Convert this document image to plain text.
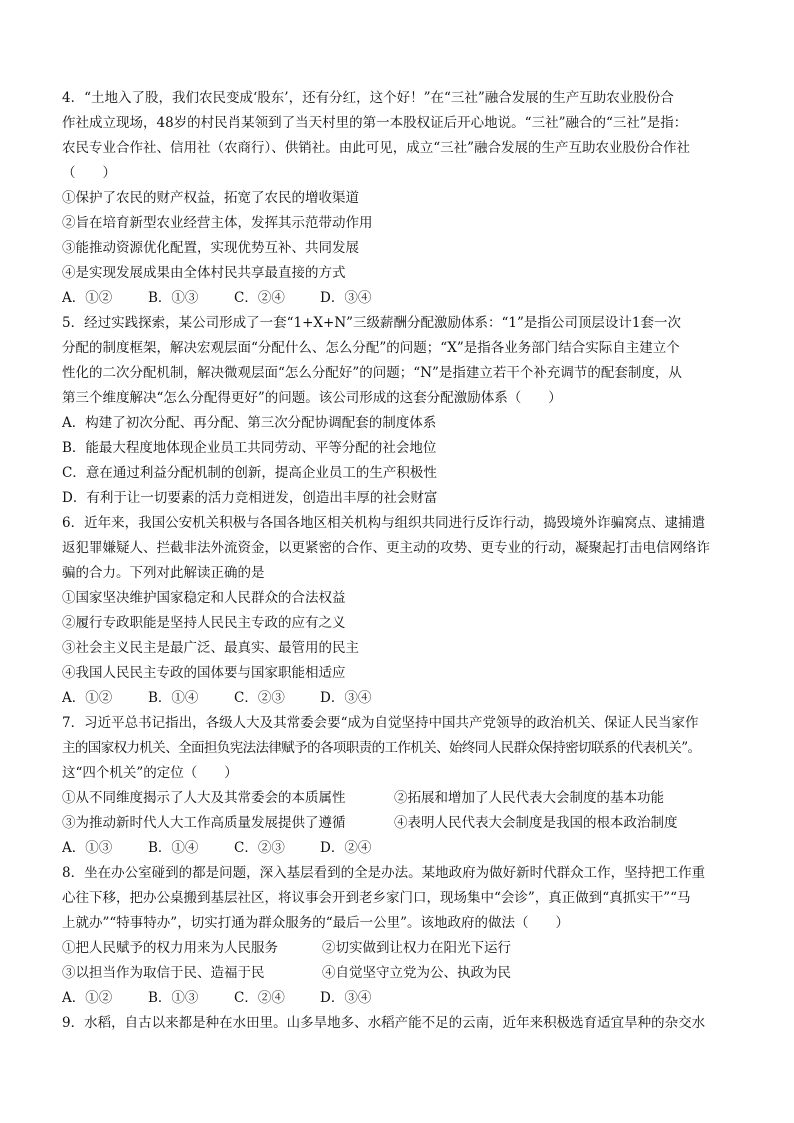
4．“土地入了股，我们农民变成‘股东’，还有分红，这个好！”在“三社”融合发展的生产互助农业股份合

作社成立现场，48岁的村民肖某领到了当天村里的第一本股权证后开心地说。“三社”融合的“三社”是指：

农民专业合作社、信用社（农商行）、供销社。由此可见，成立“三社”融合发展的生产互助农业股份合作社

（　　）

①保护了农民的财产权益，拓宽了农民的增收渠道
②旨在培育新型农业经营主体，发挥其示范带动作用
③能推动资源优化配置，实现优势互补、共同发展
④是实现发展成果由全体村民共享最直接的方式
A．①②	B．①③	C．②④	D．③④

5．经过实践探索，某公司形成了一套“1+X+N”三级薪酬分配激励体系：“1”是指公司顶层设计1套一次

分配的制度框架，解决宏观层面“分配什么、怎么分配”的问题；“X”是指各业务部门结合实际自主建立个

性化的二次分配机制，解决微观层面“怎么分配好”的问题；“N”是指建立若干个补充调节的配套制度，从

第三个维度解决“怎么分配得更好”的问题。该公司形成的这套分配激励体系（　　）

A．构建了初次分配、再分配、第三次分配协调配套的制度体系
B．能最大程度地体现企业员工共同劳动、平等分配的社会地位
C．意在通过利益分配机制的创新，提高企业员工的生产积极性
D．有利于让一切要素的活力竞相迸发，创造出丰厚的社会财富

6．近年来，我国公安机关积极与各国各地区相关机构与组织共同进行反诈行动，捣毁境外诈骗窝点、逮捕遣

返犯罪嫌疑人、拦截非法外流资金，以更紧密的合作、更主动的攻势、更专业的行动，凝聚起打击电信网络诈

骗的合力。下列对此解读正确的是

①国家坚决维护国家稳定和人民群众的合法权益
②履行专政职能是坚持人民民主专政的应有之义
③社会主义民主是最广泛、最真实、最管用的民主
④我国人民民主专政的国体要与国家职能相适应
A．①②	B．①④	C．②③	D．③④

7．习近平总书记指出，各级人大及其常委会要“成为自觉坚持中国共产党领导的政治机关、保证人民当家作

主的国家权力机关、全面担负宪法法律赋予的各项职责的工作机关、始终同人民群众保持密切联系的代表机关”。

这“四个机关”的定位（　　）

①从不同维度揭示了人大及其常委会的本质属性	②拓展和增加了人民代表大会制度的基本功能
③为推动新时代人大工作高质量发展提供了遵循	④表明人民代表大会制度是我国的根本政治制度
A．①③	B．①④	C．②③	D．②④

8．坐在办公室碰到的都是问题，深入基层看到的全是办法。某地政府为做好新时代群众工作，坚持把工作重

心往下移，把办公桌搬到基层社区，将议事会开到老乡家门口，现场集中“会诊”，真正做到“真抓实干”“马

上就办”“特事特办”，切实打通为群众服务的“最后一公里”。该地政府的做法（　　）

①把人民赋予的权力用来为人民服务	②切实做到让权力在阳光下运行
③以担当作为取信于民、造福于民	④自觉坚守立党为公、执政为民
A．①②	B．①③	C．②④	D．③④

9．水稻，自古以来都是种在水田里。山多旱地多、水稻产能不足的云南，近年来积极选育适宜旱种的杂交水
